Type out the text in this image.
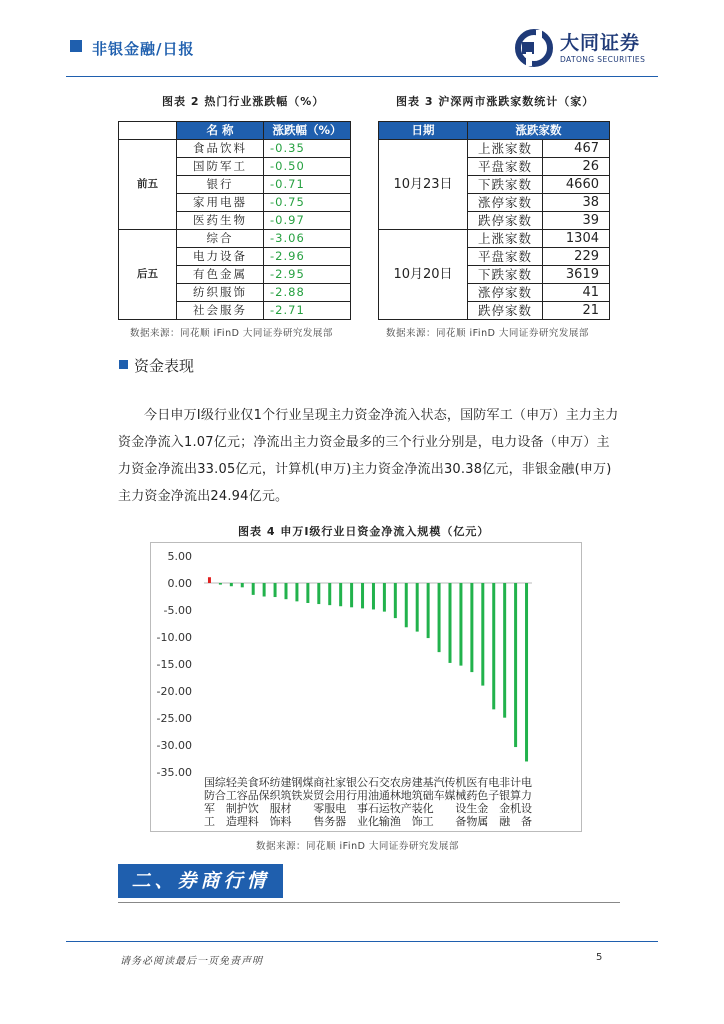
非银金融/日报	大同证券
DATONG SECURITIES
图表 2 热门行业涨跌幅（%）
	名 称	涨跌幅（%）
前五	食品饮料	-0.35
	国防军工	-0.50
	银行	-0.71
	家用电器	-0.75
	医药生物	-0.97
后五	综合	-3.06
	电力设备	-2.96
	有色金属	-2.95
	纺织服饰	-2.88
	社会服务	-2.71
数据来源：同花顺 iFinD 大同证券研究发展部
图表 3 沪深两市涨跌家数统计（家）
日期	涨跌家数	
10月23日	上涨家数	467
	平盘家数	26
	下跌家数	4660
	涨停家数	38
	跌停家数	39
10月20日	上涨家数	1304
	平盘家数	229
	下跌家数	3619
	涨停家数	41
	跌停家数	21
数据来源：同花顺 iFinD 大同证券研究发展部
资金表现
今日申万Ⅰ级行业仅1个行业呈现主力资金净流入状态，国防军工（申万）主力主力资金净流入1.07亿元；净流出主力资金最多的三个行业分别是，电力设备（申万）主力资金净流出33.05亿元，计算机(申万)主力资金净流出30.38亿元，非银金融(申万)主力资金净流出24.94亿元。
图表 4 申万Ⅰ级行业日资金净流入规模（亿元）
5.00
0.00
-5.00
-10.00
-15.00
-20.00
-25.00
-30.00
-35.00
国
防
军
工
综
合
轻
工
制
造
美
容
护
理
食
品
饮
料
环
保
纺
织
服
饰
建
筑
材
料
钢
铁
煤
炭
商
贸
零
售
社
会
服
务
家
用
电
器
银
行
公
用
事
业
石
油
石
化
交
通
运
输
农
林
牧
渔
房
地
产
建
筑
装
饰
基
础
化
工
汽
车
传
媒
机
械
设
备
医
药
生
物
有
色
金
属
电
子
非
银
金
融
计
算
机
电
力
设
备
数据来源：同花顺 iFinD 大同证券研究发展部
二、券商行情
请务必阅读最后一页免责声明	5
